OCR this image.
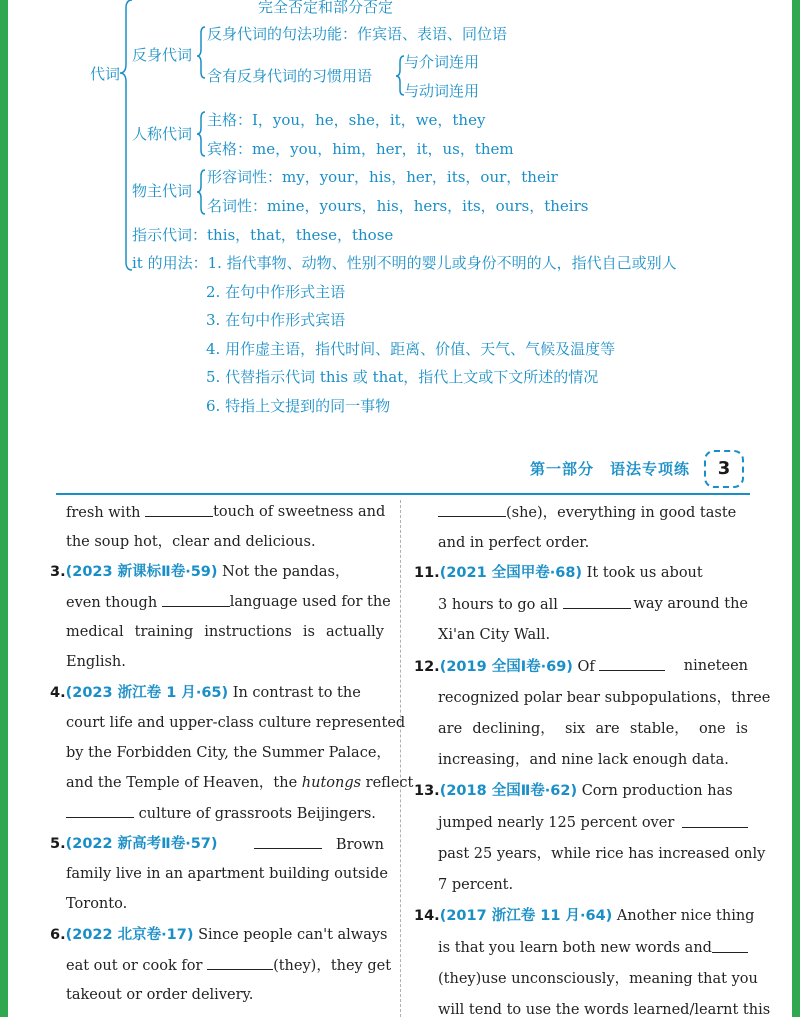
完全否定和部分否定
代词
反身代词
反身代词的句法功能：作宾语、表语、同位语
含有反身代词的习惯用语
与介词连用
与动词连用
人称代词
主格：I，you，he，she，it，we，they
宾格：me，you，him，her，it，us，them
物主代词
形容词性：my，your，his，her，its，our，their
名词性：mine，yours，his，hers，its，ours，theirs
指示代词：this，that，these，those
it 的用法：1. 指代事物、动物、性别不明的婴儿或身份不明的人，指代自己或别人
2. 在句中作形式主语
3. 在句中作形式宾语
4. 用作虚主语，指代时间、距离、价值、天气、气候及温度等
5. 代替指示代词 this 或 that，指代上文或下文所述的情况
6. 特指上文提到的同一事物
第一部分　语法专项练	3
fresh with	touch of sweetness and
the soup hot，clear and delicious.
3.(2023 新课标Ⅱ卷·59) Not the pandas，
even though	language used for the
medical training instructions is actually
English.
4.(2023 浙江卷 1 月·65) In contrast to the
court life and upper-class culture represented
by the Forbidden City, the Summer Palace，
and the Temple of Heaven，the hutongs reflect
culture of grassroots Beijingers.
5.(2022 新高考Ⅱ卷·57)	Brown
family live in an apartment building outside
Toronto.
6.(2022 北京卷·17) Since people can't always
eat out or cook for	(they)，they get
takeout or order delivery.
(she)，everything in good taste
and in perfect order.
11.(2021 全国甲卷·68) It took us about
3 hours to go all	way around the
Xi'an City Wall.
12.(2019 全国Ⅰ卷·69) Of	nineteen
recognized polar bear subpopulations，three
are declining， six are stable， one is
increasing，and nine lack enough data.
13.(2018 全国Ⅱ卷·62) Corn production has
jumped nearly 125 percent over
past 25 years，while rice has increased only
7 percent.
14.(2017 浙江卷 11 月·64) Another nice thing
is that you learn both new words and
(they) use unconsciously，meaning that you
will tend to use the words learned/learnt this
